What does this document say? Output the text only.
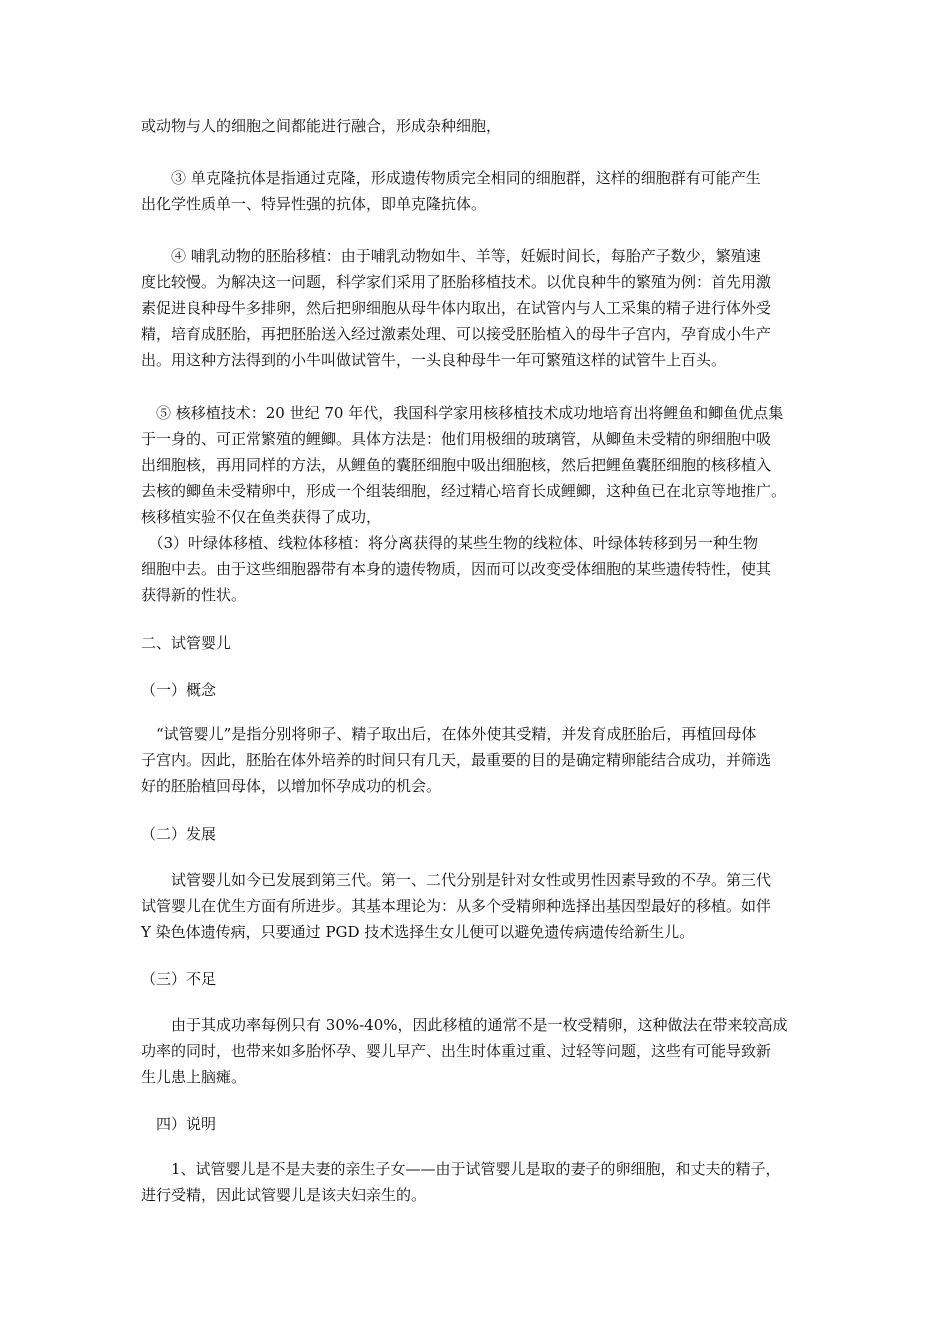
或动物与人的细胞之间都能进行融合，形成杂种细胞，
　　③ 单克隆抗体是指通过克隆，形成遗传物质完全相同的细胞群，这样的细胞群有可能产生
出化学性质单一、特异性强的抗体，即单克隆抗体。
　　④ 哺乳动物的胚胎移植：由于哺乳动物如牛、羊等，妊娠时间长，每胎产子数少，繁殖速
度比较慢。为解决这一问题，科学家们采用了胚胎移植技术。以优良种牛的繁殖为例：首先用激
素促进良种母牛多排卵，然后把卵细胞从母牛体内取出，在试管内与人工采集的精子进行体外受
精，培育成胚胎，再把胚胎送入经过激素处理、可以接受胚胎植入的母牛子宫内，孕育成小牛产
出。用这种方法得到的小牛叫做试管牛，一头良种母牛一年可繁殖这样的试管牛上百头。
　⑤ 核移植技术：20 世纪 70 年代，我国科学家用核移植技术成功地培育出将鲤鱼和鲫鱼优点集
于一身的、可正常繁殖的鲤鲫。具体方法是：他们用极细的玻璃管，从鲫鱼未受精的卵细胞中吸
出细胞核，再用同样的方法，从鲤鱼的囊胚细胞中吸出细胞核，然后把鲤鱼囊胚细胞的核移植入
去核的鲫鱼未受精卵中，形成一个组装细胞，经过精心培育长成鲤鲫，这种鱼已在北京等地推广。
核移植实验不仅在鱼类获得了成功，
　（3）叶绿体移植、线粒体移植：将分离获得的某些生物的线粒体、叶绿体转移到另一种生物
细胞中去。由于这些细胞器带有本身的遗传物质，因而可以改变受体细胞的某些遗传特性，使其
获得新的性状。
二、试管婴儿
（一）概念
　“试管婴儿”是指分别将卵子、精子取出后，在体外使其受精，并发育成胚胎后，再植回母体
子宫内。因此，胚胎在体外培养的时间只有几天，最重要的目的是确定精卵能结合成功，并筛选
好的胚胎植回母体，以增加怀孕成功的机会。
（二）发展
　　试管婴儿如今已发展到第三代。第一、二代分别是针对女性或男性因素导致的不孕。第三代
试管婴儿在优生方面有所进步。其基本理论为：从多个受精卵种选择出基因型最好的移植。如伴
Y 染色体遗传病，只要通过 PGD 技术选择生女儿便可以避免遗传病遗传给新生儿。
（三）不足
　　由于其成功率每例只有 30%-40%，因此移植的通常不是一枚受精卵，这种做法在带来较高成
功率的同时，也带来如多胎怀孕、婴儿早产、出生时体重过重、过轻等问题，这些有可能导致新
生儿患上脑瘫。
　四）说明
　　1、试管婴儿是不是夫妻的亲生子女——由于试管婴儿是取的妻子的卵细胞，和丈夫的精子，
进行受精，因此试管婴儿是该夫妇亲生的。
